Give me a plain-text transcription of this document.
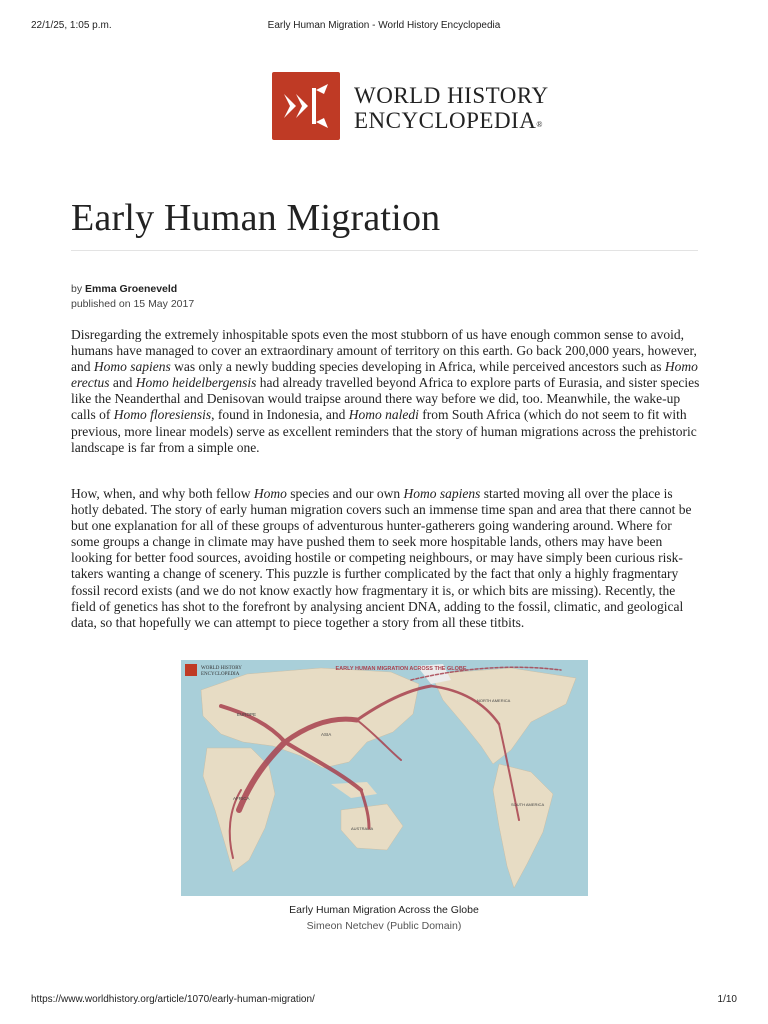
22/1/25, 1:05 p.m.	Early Human Migration - World History Encyclopedia
WORLD HISTORY
ENCYCLOPEDIA®
Early Human Migration
by Emma Groeneveld
published on 15 May 2017

Disregarding the extremely inhospitable spots even the most stubborn of us have enough common sense to avoid, humans have managed to cover an extraordinary amount of territory on this earth. Go back 200,000 years, however, and Homo sapiens was only a newly budding species developing in Africa, while perceived ancestors such as Homo erectus and Homo heidelbergensis had already travelled beyond Africa to explore parts of Eurasia, and sister species like the Neanderthal and Denisovan would traipse around there way before we did, too. Meanwhile, the wake-up calls of Homo floresiensis, found in Indonesia, and Homo naledi from South Africa (which do not seem to fit with previous, more linear models) serve as excellent reminders that the story of human migrations across the prehistoric landscape is far from a simple one.

How, when, and why both fellow Homo species and our own Homo sapiens started moving all over the place is hotly debated. The story of early human migration covers such an immense time span and area that there cannot be but one explanation for all of these groups of adventurous hunter-gatherers going wandering around. Where for some groups a change in climate may have pushed them to seek more hospitable lands, others may have been looking for better food sources, avoiding hostile or competing neighbours, or may have simply been curious risk-takers wanting a change of scenery. This puzzle is further complicated by the fact that only a highly fragmentary fossil record exists (and we do not know exactly how fragmentary it is, or which bits are missing). Recently, the field of genetics has shot to the forefront by analysing ancient DNA, adding to the fossil, climatic, and geological data, so that hopefully we can attempt to piece together a story from all these titbits.

WORLD HISTORY
ENCYCLOPEDIA
EARLY HUMAN MIGRATION ACROSS THE GLOBE
EUROPE
ASIA
AFRICA
NORTH AMERICA
SOUTH AMERICA
AUSTRALIA
Early Human Migration Across the Globe
Simeon Netchev (Public Domain)
https://www.worldhistory.org/article/1070/early-human-migration/	1/10
